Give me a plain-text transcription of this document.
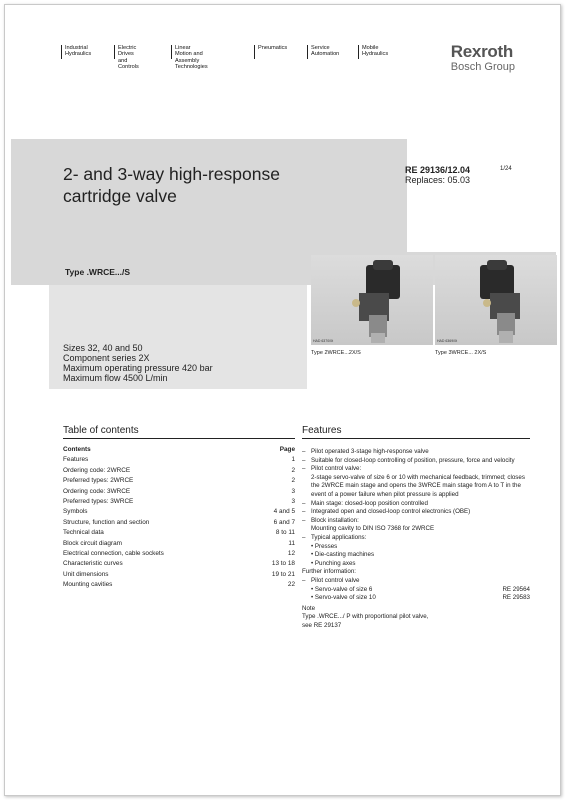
Industrial
Hydraulics
Electric Drives
and Controls
Linear Motion and
Assembly Technologies
Pneumatics	Service
Automation
Mobile
Hydraulics	Rexroth
Bosch Group
2- and 3-way high-response
cartridge valve
RE 29136/12.04
Replaces: 05.03
1/24
Type .WRCE.../S
Sizes 32, 40 and 50
Component series 2X
Maximum operating pressure 420 bar
Maximum flow 4500 L/min
HAD 6370/0t	HAD 6369/0t
Type 2WRCE...2X/S	Type 3WRCE... 2X/S
Table of contents
Contents	Page
Features	1
Ordering code: 2WRCE	2
Preferred types: 2WRCE	2
Ordering code: 3WRCE	3
Preferred types: 3WRCE	3
Symbols	4 and 5
Structure, function and section	6 and 7
Technical data	8 to 11
Block circuit diagram	11
Electrical connection, cable sockets	12
Characteristic curves	13 to 18
Unit dimensions	19 to 21
Mounting cavities	22
Features
– Pilot operated 3-stage high-response valve
– Suitable for closed-loop controlling of position, pressure, force and velocity
– Pilot control valve:
2-stage servo-valve of size 6 or 10 with mechanical feedback, trimmed; closes the 2WRCE main stage and opens the 3WRCE main stage from A to T in the event of a power failure when pilot pressure is applied
– Main stage: closed-loop position controlled
– Integrated open and closed-loop control electronics (OBE)
– Block installation:
Mounting cavity to DIN ISO 7368 for 2WRCE
– Typical applications:
• Presses
• Die-casting machines
• Punching axes
Further information:
– Pilot control valve
• Servo-valve of size 6	RE 29564
• Servo-valve of size 10	RE 29583
Note
Type .WRCE.../ P with proportional pilot valve,
see RE 29137
